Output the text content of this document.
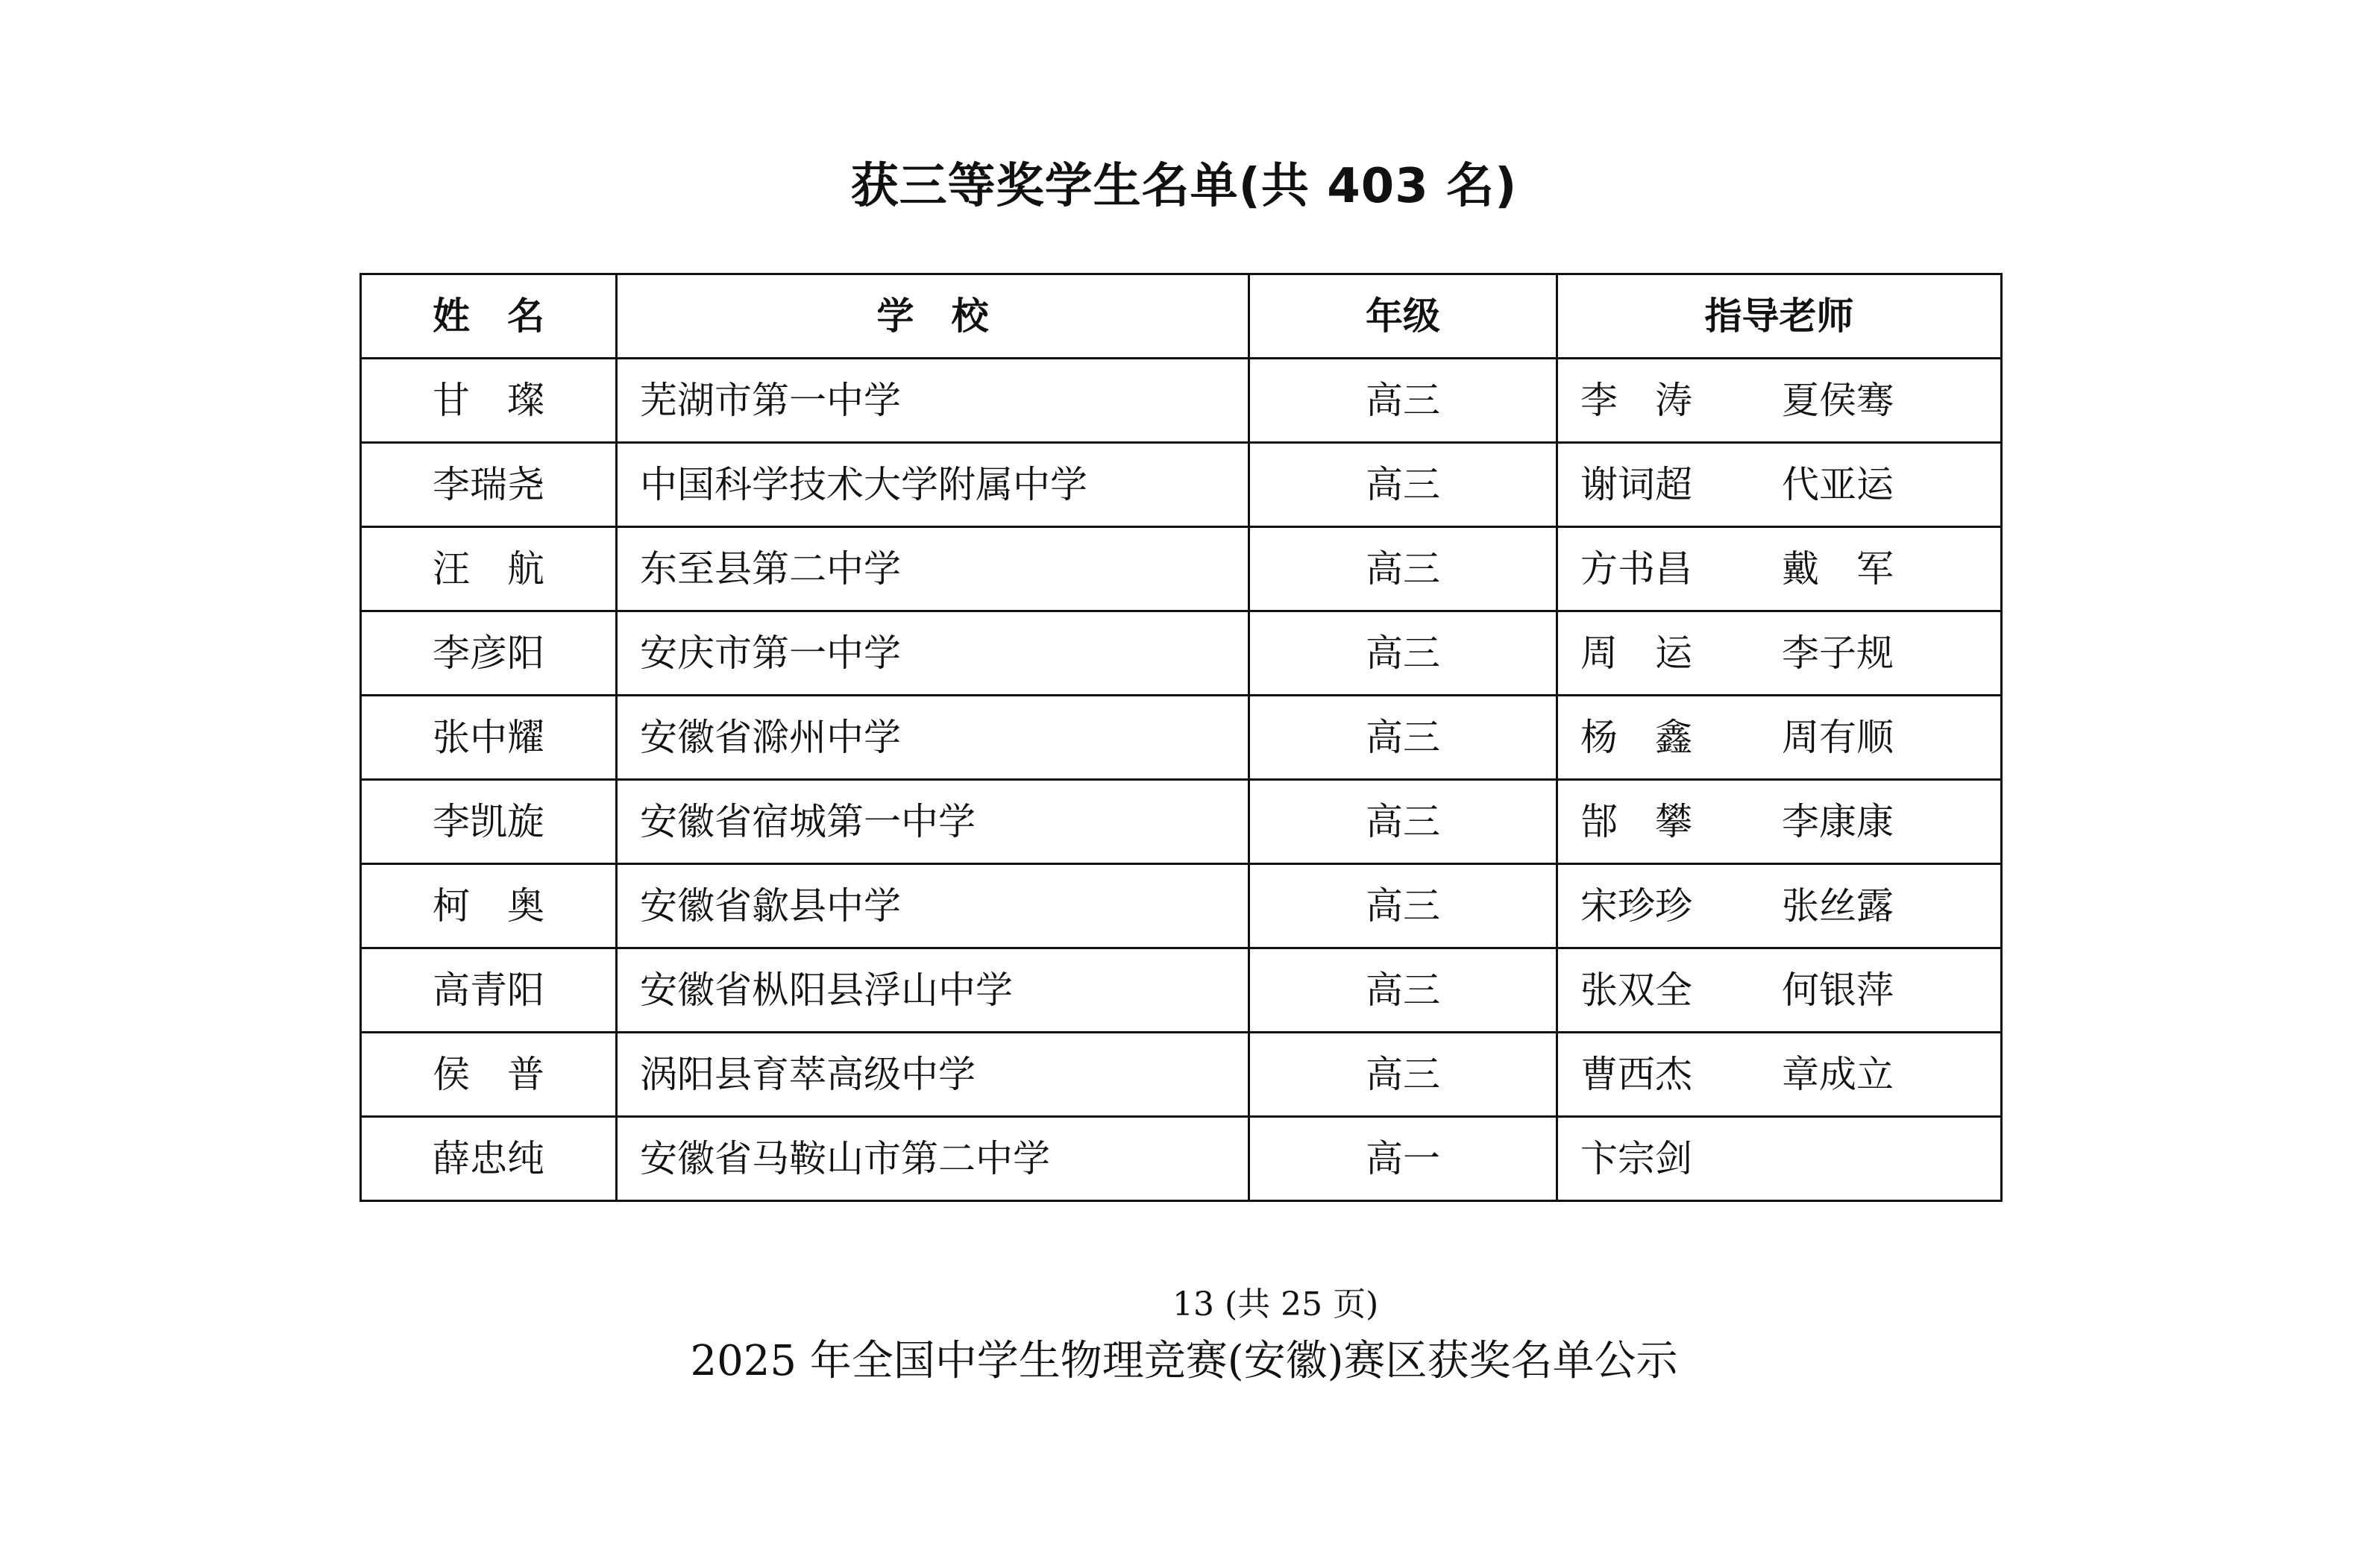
获三等奖学生名单(共 403 名)
姓　名	学　校	年级	指导老师
甘　璨	芜湖市第一中学	高三	李　涛 夏侯骞
李瑞尧	中国科学技术大学附属中学	高三	谢词超 代亚运
汪　航	东至县第二中学	高三	方书昌 戴　军
李彦阳	安庆市第一中学	高三	周　运 李子规
张中耀	安徽省滁州中学	高三	杨　鑫 周有顺
李凯旋	安徽省宿城第一中学	高三	郜　攀 李康康
柯　奥	安徽省歙县中学	高三	宋珍珍 张丝露
高青阳	安徽省枞阳县浮山中学	高三	张双全 何银萍
侯　普	涡阳县育萃高级中学	高三	曹西杰 章成立
薛忠纯	安徽省马鞍山市第二中学	高一	卞宗剑
13 (共 25 页)
2025 年全国中学生物理竞赛(安徽)赛区获奖名单公示
